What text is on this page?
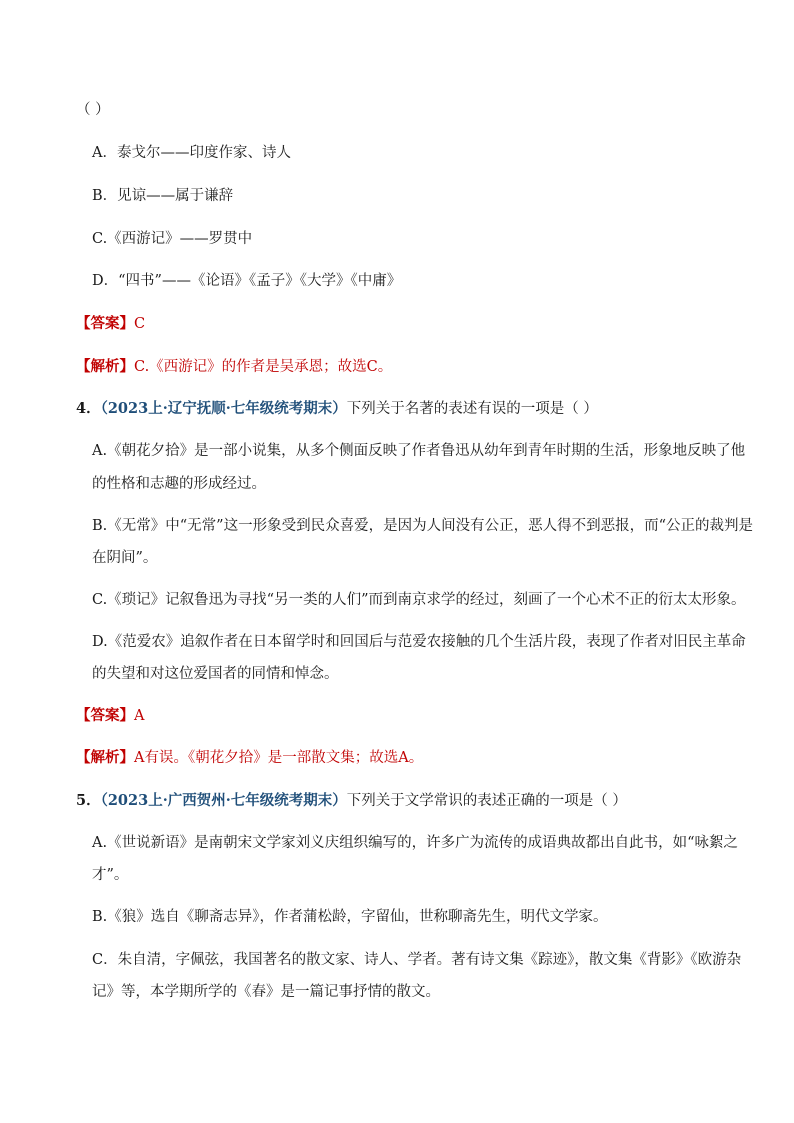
（ ）
A．泰戈尔——印度作家、诗人
B．见谅——属于谦辞
C.《西游记》——罗贯中
D．“四书”——《论语》《孟子》《大学》《中庸》
【答案】C
【解析】C.《西游记》的作者是吴承恩；故选C。
4．（2023上·辽宁抚顺·七年级统考期末）下列关于名著的表述有误的一项是（ ）
A.《朝花夕拾》是一部小说集，从多个侧面反映了作者鲁迅从幼年到青年时期的生活，形象地反映了他
的性格和志趣的形成经过。
B.《无常》中“无常”这一形象受到民众喜爱，是因为人间没有公正，恶人得不到恶报，而“公正的裁判是
在阴间”。
C.《琐记》记叙鲁迅为寻找“另一类的人们”而到南京求学的经过，刻画了一个心术不正的衍太太形象。
D.《范爱农》追叙作者在日本留学时和回国后与范爱农接触的几个生活片段，表现了作者对旧民主革命
的失望和对这位爱国者的同情和悼念。
【答案】A
【解析】A有误。《朝花夕拾》是一部散文集；故选A。
5．（2023上·广西贺州·七年级统考期末）下列关于文学常识的表述正确的一项是（ ）
A.《世说新语》是南朝宋文学家刘义庆组织编写的，许多广为流传的成语典故都出自此书，如“咏絮之
才”。
B.《狼》选自《聊斋志异》，作者蒲松龄，字留仙，世称聊斋先生，明代文学家。
C．朱自清，字佩弦，我国著名的散文家、诗人、学者。著有诗文集《踪迹》，散文集《背影》《欧游杂
记》等，本学期所学的《春》是一篇记事抒情的散文。
